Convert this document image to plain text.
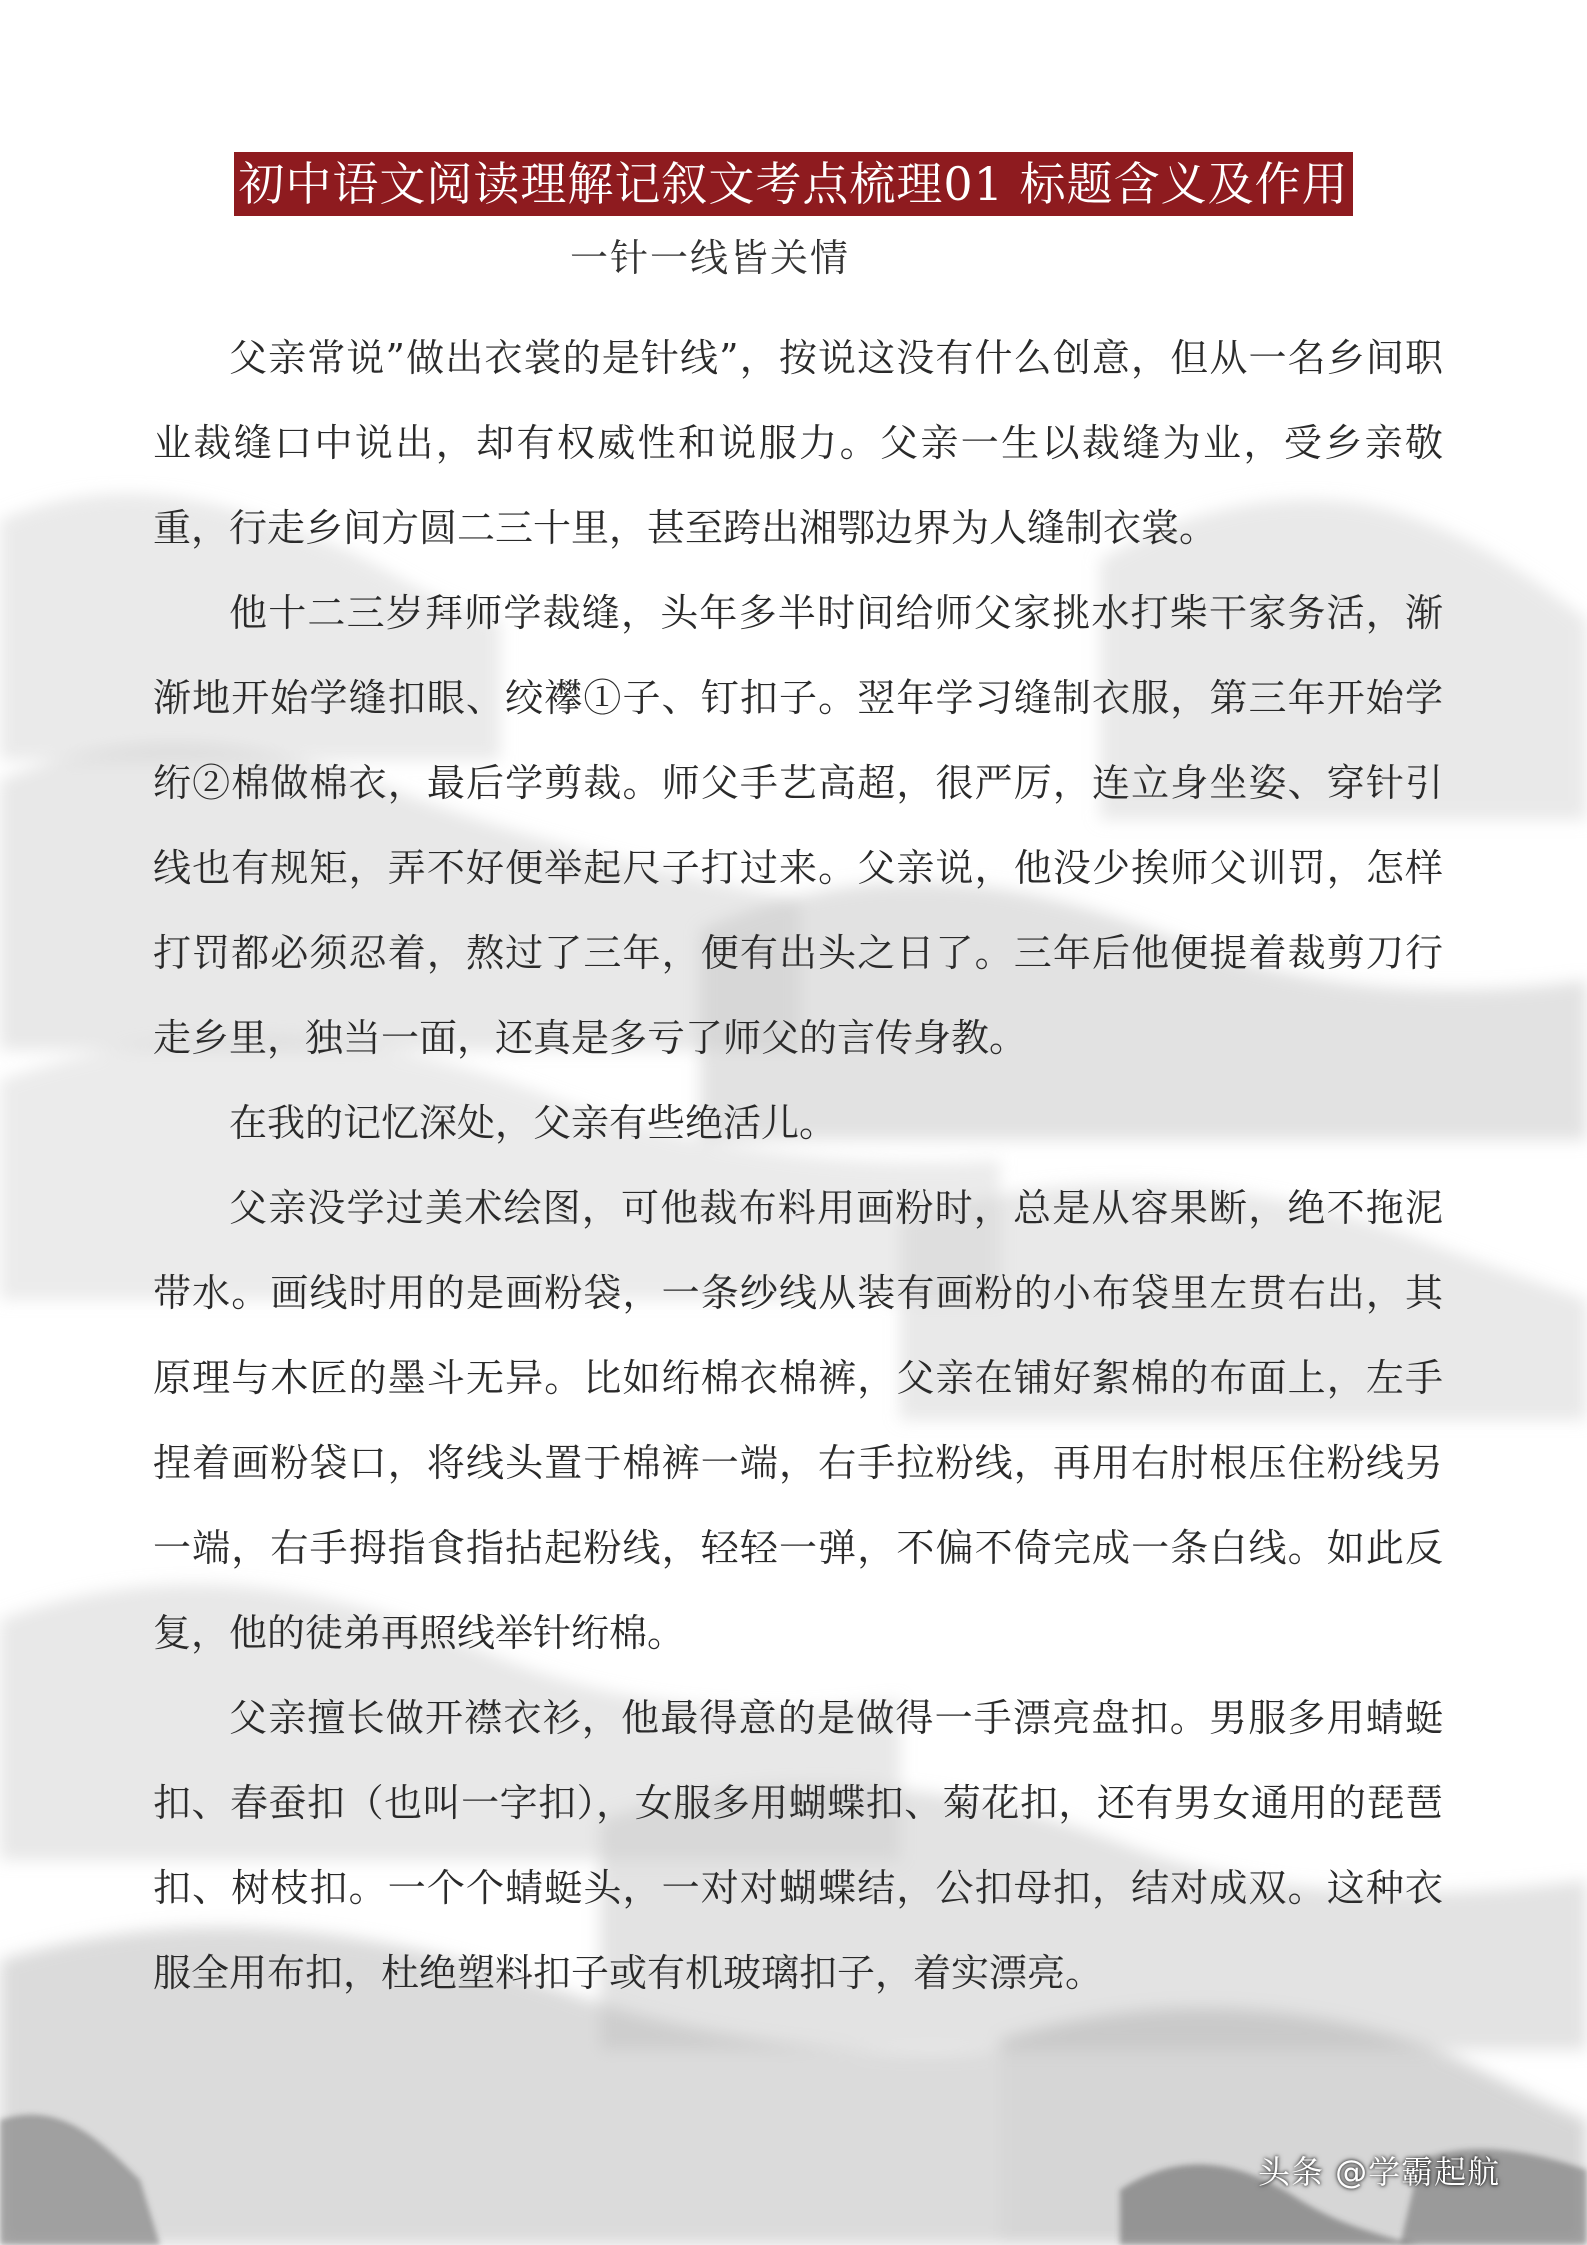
初中语文阅读理解记叙文考点梳理01 标题含义及作用
一针一线皆关情

父亲常说”做出衣裳的是针线”，按说这没有什么创意，但从一名乡间职业裁缝口中说出，却有权威性和说服力。父亲一生以裁缝为业，受乡亲敬重，行走乡间方圆二三十里，甚至跨出湘鄂边界为人缝制衣裳。

他十二三岁拜师学裁缝，头年多半时间给师父家挑水打柴干家务活，渐渐地开始学缝扣眼、绞襻①子、钉扣子。翌年学习缝制衣服，第三年开始学绗②棉做棉衣，最后学剪裁。师父手艺高超，很严厉，连立身坐姿、穿针引线也有规矩，弄不好便举起尺子打过来。父亲说，他没少挨师父训罚，怎样打罚都必须忍着，熬过了三年，便有出头之日了。三年后他便提着裁剪刀行走乡里，独当一面，还真是多亏了师父的言传身教。

在我的记忆深处，父亲有些绝活儿。

父亲没学过美术绘图，可他裁布料用画粉时，总是从容果断，绝不拖泥带水。画线时用的是画粉袋，一条纱线从装有画粉的小布袋里左贯右出，其原理与木匠的墨斗无异。比如绗棉衣棉裤，父亲在铺好絮棉的布面上，左手捏着画粉袋口，将线头置于棉裤一端，右手拉粉线，再用右肘根压住粉线另一端，右手拇指食指拈起粉线，轻轻一弹，不偏不倚完成一条白线。如此反复，他的徒弟再照线举针绗棉。

父亲擅长做开襟衣衫，他最得意的是做得一手漂亮盘扣。男服多用蜻蜓扣、春蚕扣（也叫一字扣），女服多用蝴蝶扣、菊花扣，还有男女通用的琵琶扣、树枝扣。一个个蜻蜓头，一对对蝴蝶结，公扣母扣，结对成双。这种衣服全用布扣，杜绝塑料扣子或有机玻璃扣子，着实漂亮。

头条 @学霸起航
